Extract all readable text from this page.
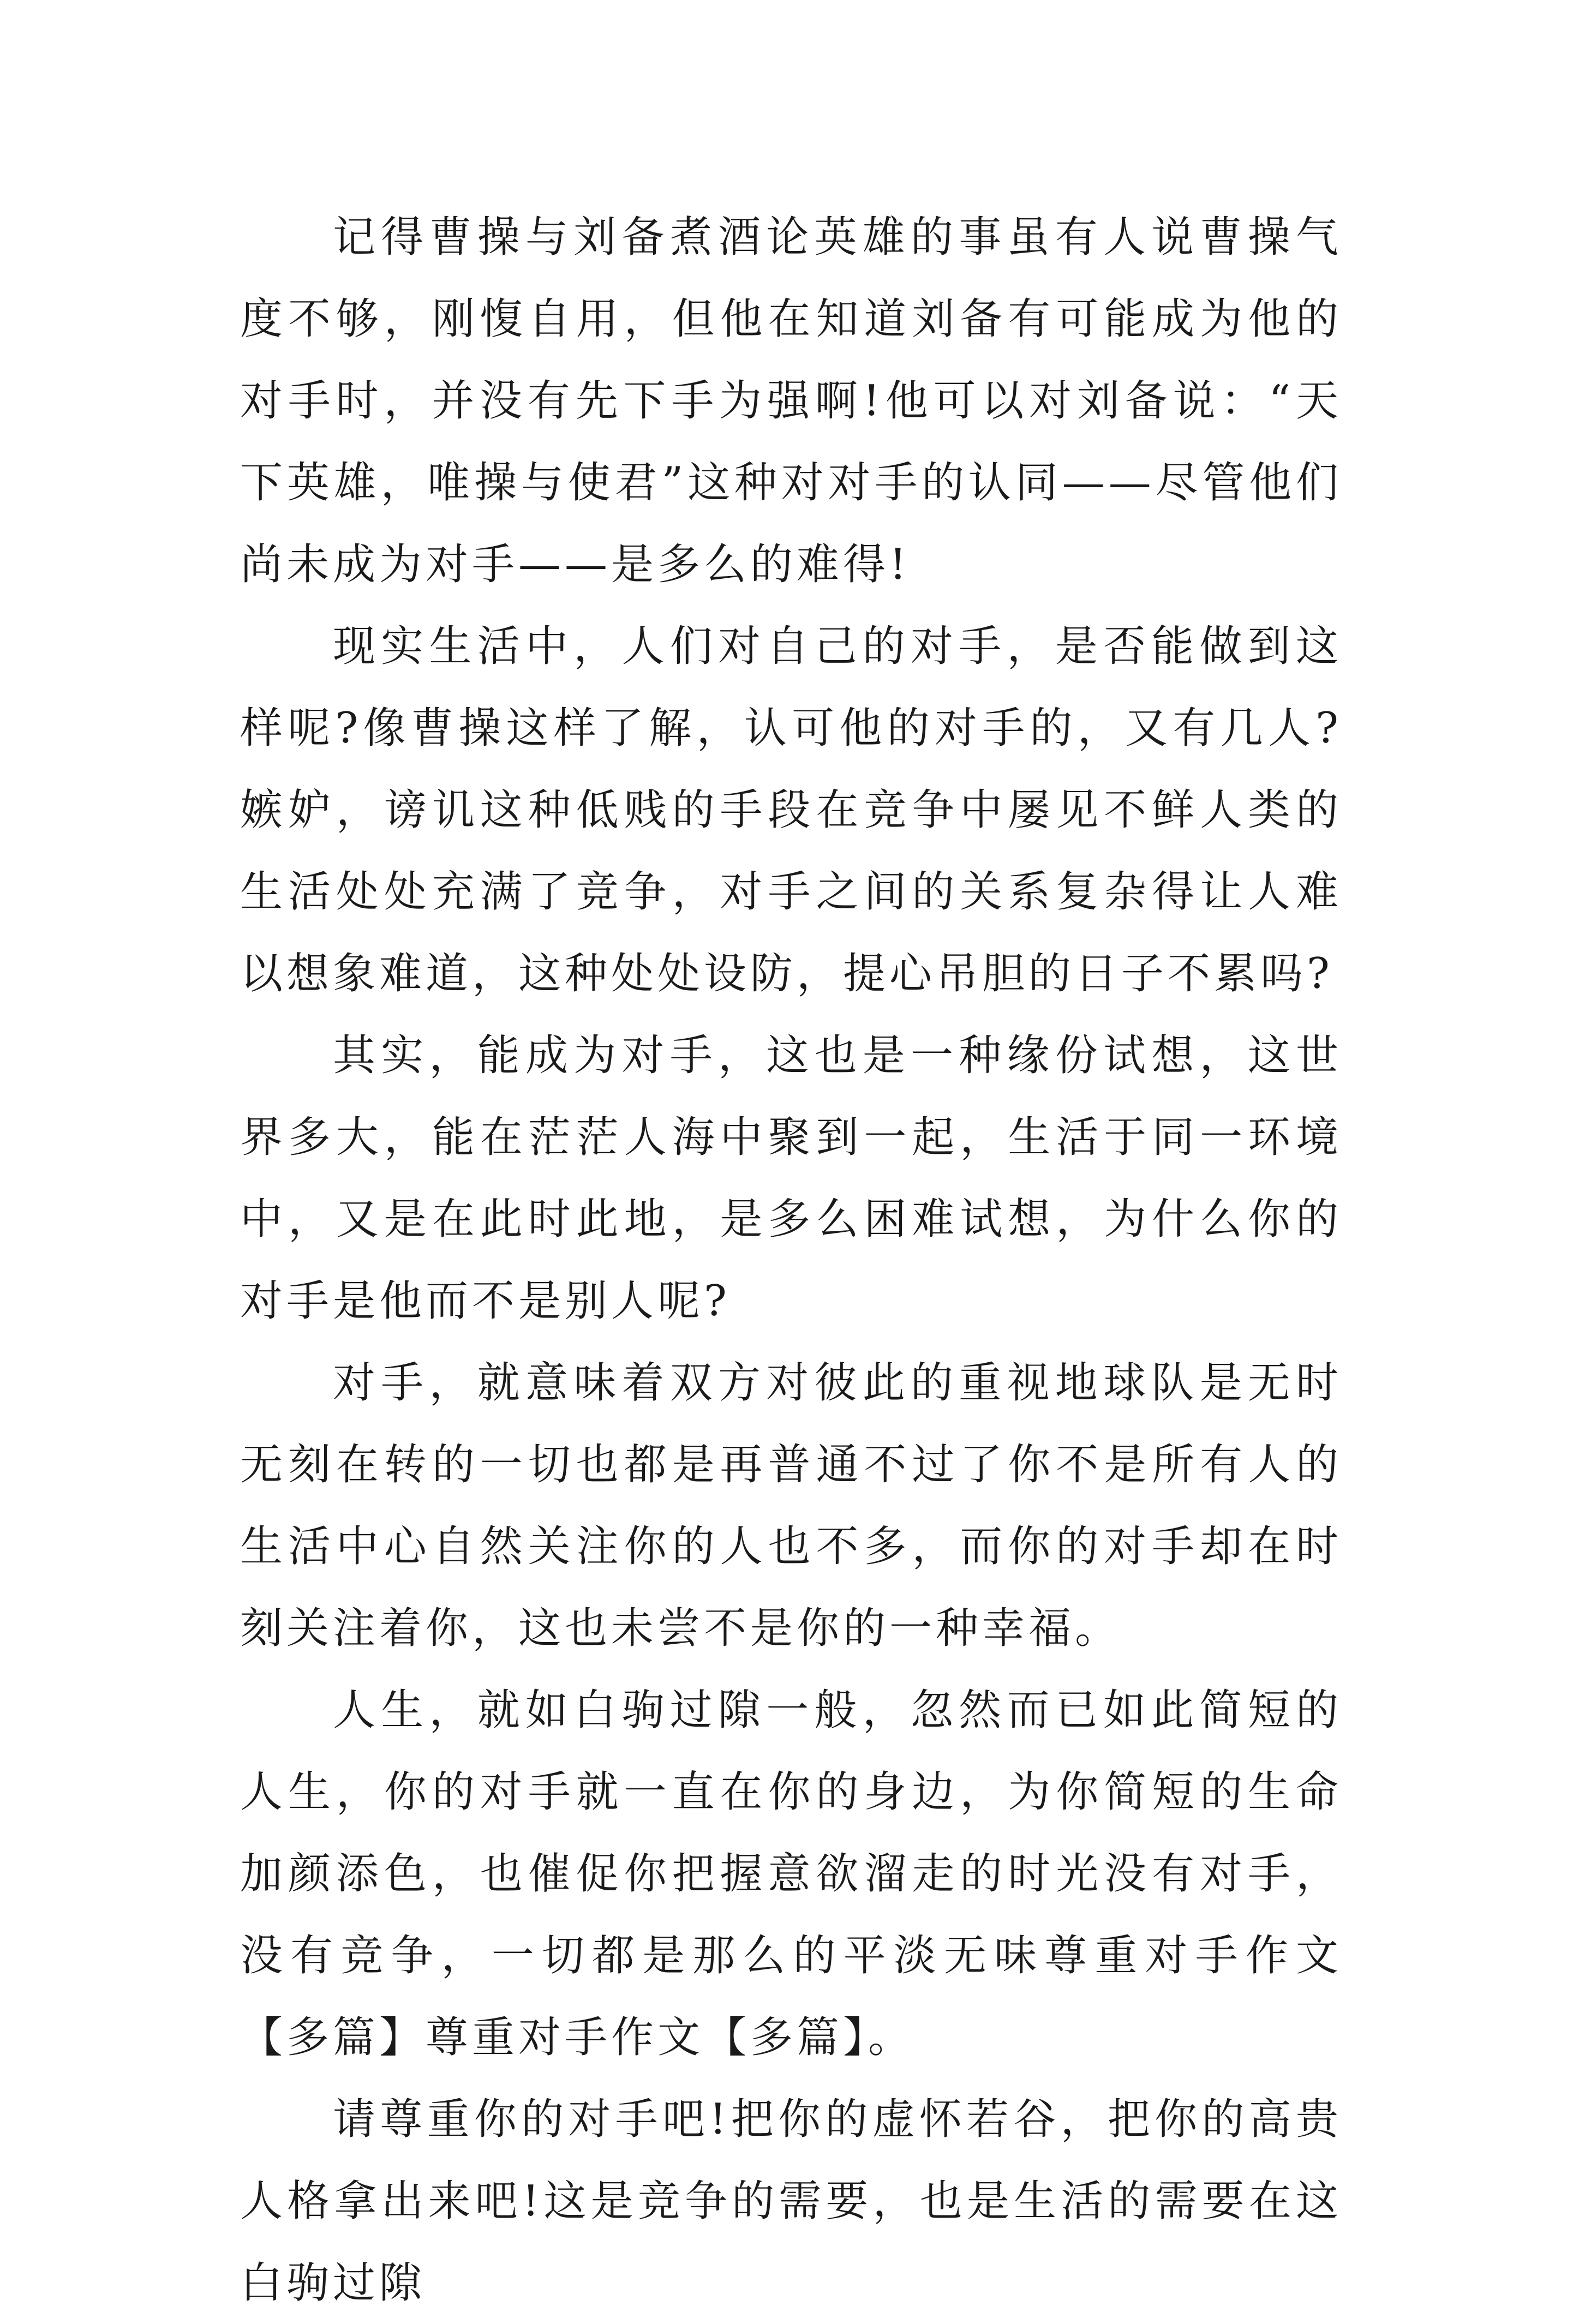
记得曹操与刘备煮酒论英雄的事虽有人说曹操气度不够，刚愎自用，但他在知道刘备有可能成为他的对手时，并没有先下手为强啊!他可以对刘备说：“天下英雄，唯操与使君”这种对对手的认同——尽管他们尚未成为对手——是多么的难得!

现实生活中，人们对自己的对手，是否能做到这样呢?像曹操这样了解，认可他的对手的，又有几人?嫉妒，谤讥这种低贱的手段在竞争中屡见不鲜人类的生活处处充满了竞争，对手之间的关系复杂得让人难以想象难道，这种处处设防，提心吊胆的日子不累吗?

其实，能成为对手，这也是一种缘份试想，这世界多大，能在茫茫人海中聚到一起，生活于同一环境中，又是在此时此地，是多么困难试想，为什么你的对手是他而不是别人呢?

对手，就意味着双方对彼此的重视地球队是无时无刻在转的一切也都是再普通不过了你不是所有人的生活中心自然关注你的人也不多，而你的对手却在时刻关注着你，这也未尝不是你的一种幸福。

人生，就如白驹过隙一般，忽然而已如此简短的人生，你的对手就一直在你的身边，为你简短的生命加颜添色，也催促你把握意欲溜走的时光没有对手，没有竞争，一切都是那么的平淡无味尊重对手作文【多篇】尊重对手作文【多篇】。

请尊重你的对手吧!把你的虚怀若谷，把你的高贵人格拿出来吧!这是竞争的需要，也是生活的需要在这白驹过隙
